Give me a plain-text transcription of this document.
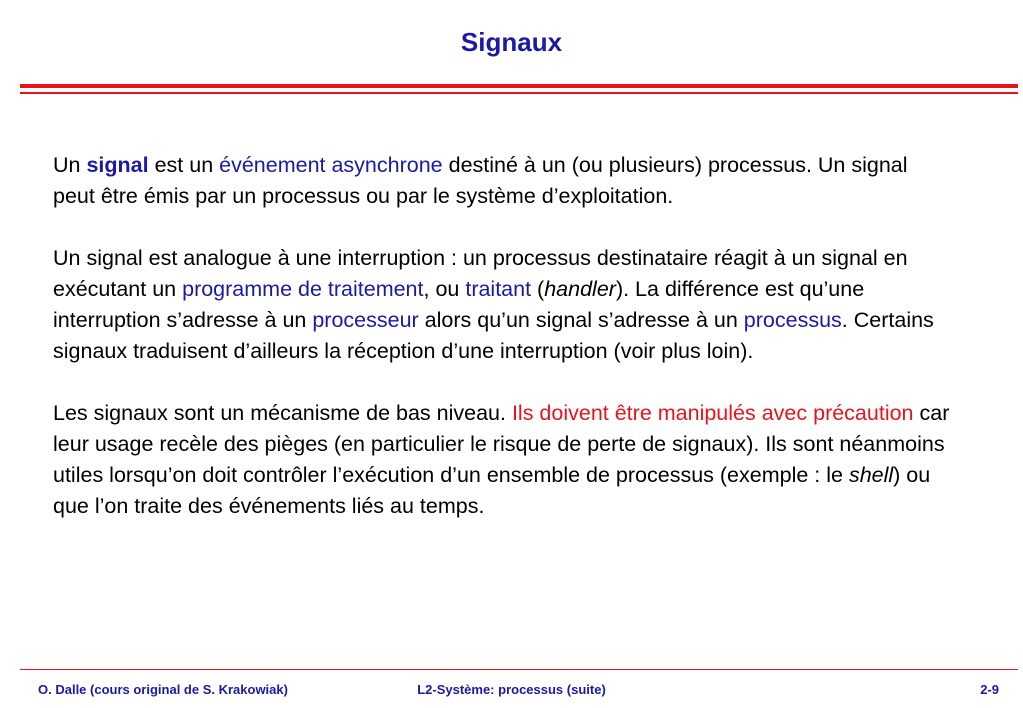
Signaux

Un signal est un événement asynchrone destiné à un (ou plusieurs) processus. Un signal peut être émis par un processus ou par le système d’exploitation.

Un signal est analogue à une interruption : un processus destinataire réagit à un signal en exécutant un programme de traitement, ou traitant (handler). La différence est qu’une interruption s’adresse à un processeur alors qu’un signal s’adresse à un processus. Certains signaux traduisent d’ailleurs la réception d’une interruption (voir plus loin).

Les signaux sont un mécanisme de bas niveau. Ils doivent être manipulés avec précaution car leur usage recèle des pièges (en particulier le risque de perte de signaux). Ils sont néanmoins utiles lorsqu’on doit contrôler l’exécution d’un ensemble de processus (exemple : le shell) ou que l’on traite des événements liés au temps.

O. Dalle (cours original de S. Krakowiak)	L2-Système: processus (suite)	2-9
